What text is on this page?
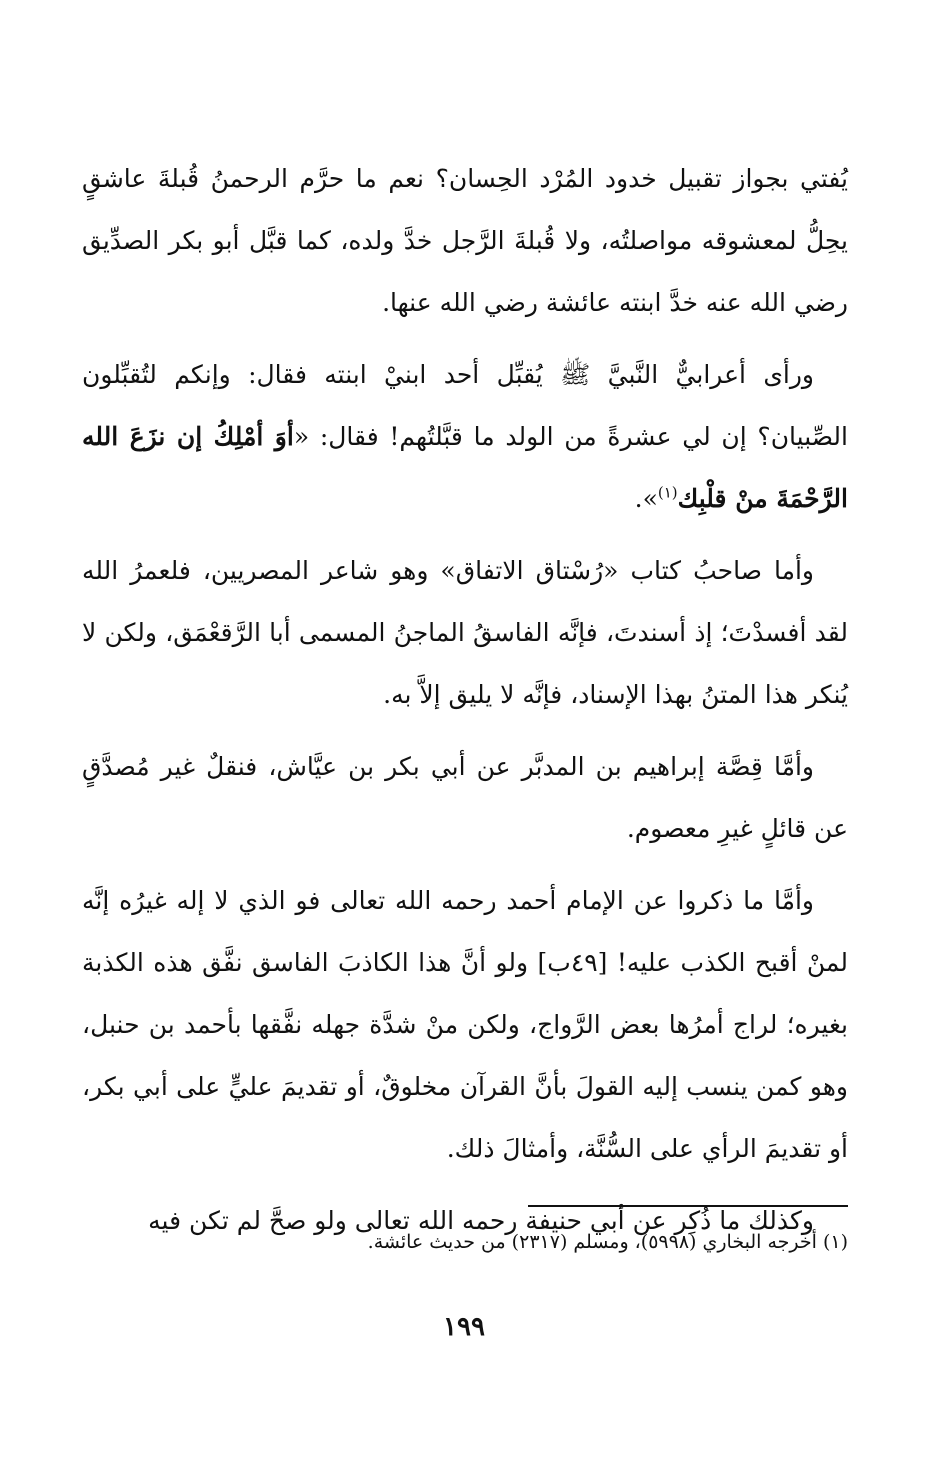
يُفتي بجواز تقبيل خدود المُرْد الحِسان؟ نعم ما حرَّم الرحمنُ قُبلةَ عاشقٍ يحِلُّ لمعشوقه مواصلتُه، ولا قُبلةَ الرَّجل خدَّ ولده، كما قبَّل أبو بكر الصدِّيق رضي الله عنه خدَّ ابنته عائشة رضي الله عنها.

ورأى أعرابيٌّ النَّبيَّ ﷺ يُقبِّل أحد ابنيْ ابنته فقال: وإنكم لتُقبِّلون الصِّبيان؟ إن لي عشرةً من الولد ما قبَّلتُهم! فقال: «أوَ أمْلِكُ إن نزَعَ الله الرَّحْمَةَ منْ قلْبِك$^{(١)}$».

وأما صاحبُ كتاب «رُسْتاق الاتفاق» وهو شاعر المصريين، فلعمرُ الله لقد أفسدْتَ؛ إذ أسندتَ، فإنَّه الفاسقُ الماجنُ المسمى أبا الرَّقعْمَق، ولكن لا يُنكر هذا المتنُ بهذا الإسناد، فإنَّه لا يليق إلاَّ به.

وأمَّا قِصَّة إبراهيم بن المدبَّر عن أبي بكر بن عيَّاش، فنقلٌ غير مُصدَّقٍ عن قائلٍ غيرِ معصوم.

وأمَّا ما ذكروا عن الإمام أحمد رحمه الله تعالى فو الذي لا إله غيرُه إنَّه لمنْ أقبح الكذب عليه! [٤٩ب] ولو أنَّ هذا الكاذبَ الفاسق نفَّق هذه الكذبة بغيره؛ لراج أمرُها بعض الرَّواج، ولكن منْ شدَّة جهله نفَّقها بأحمد بن حنبل، وهو كمن ينسب إليه القولَ بأنَّ القرآن مخلوقٌ، أو تقديمَ عليٍّ على أبي بكر، أو تقديمَ الرأي على السُّنَّة، وأمثالَ ذلك.

وكذلك ما ذُكِر عن أبي حنيفة رحمه الله تعالى ولو صحَّ لم تكن فيه

(١) أخرجه البخاري (٥٩٩٨)، ومسلم (٢٣١٧) من حديث عائشة.
١٩٩
